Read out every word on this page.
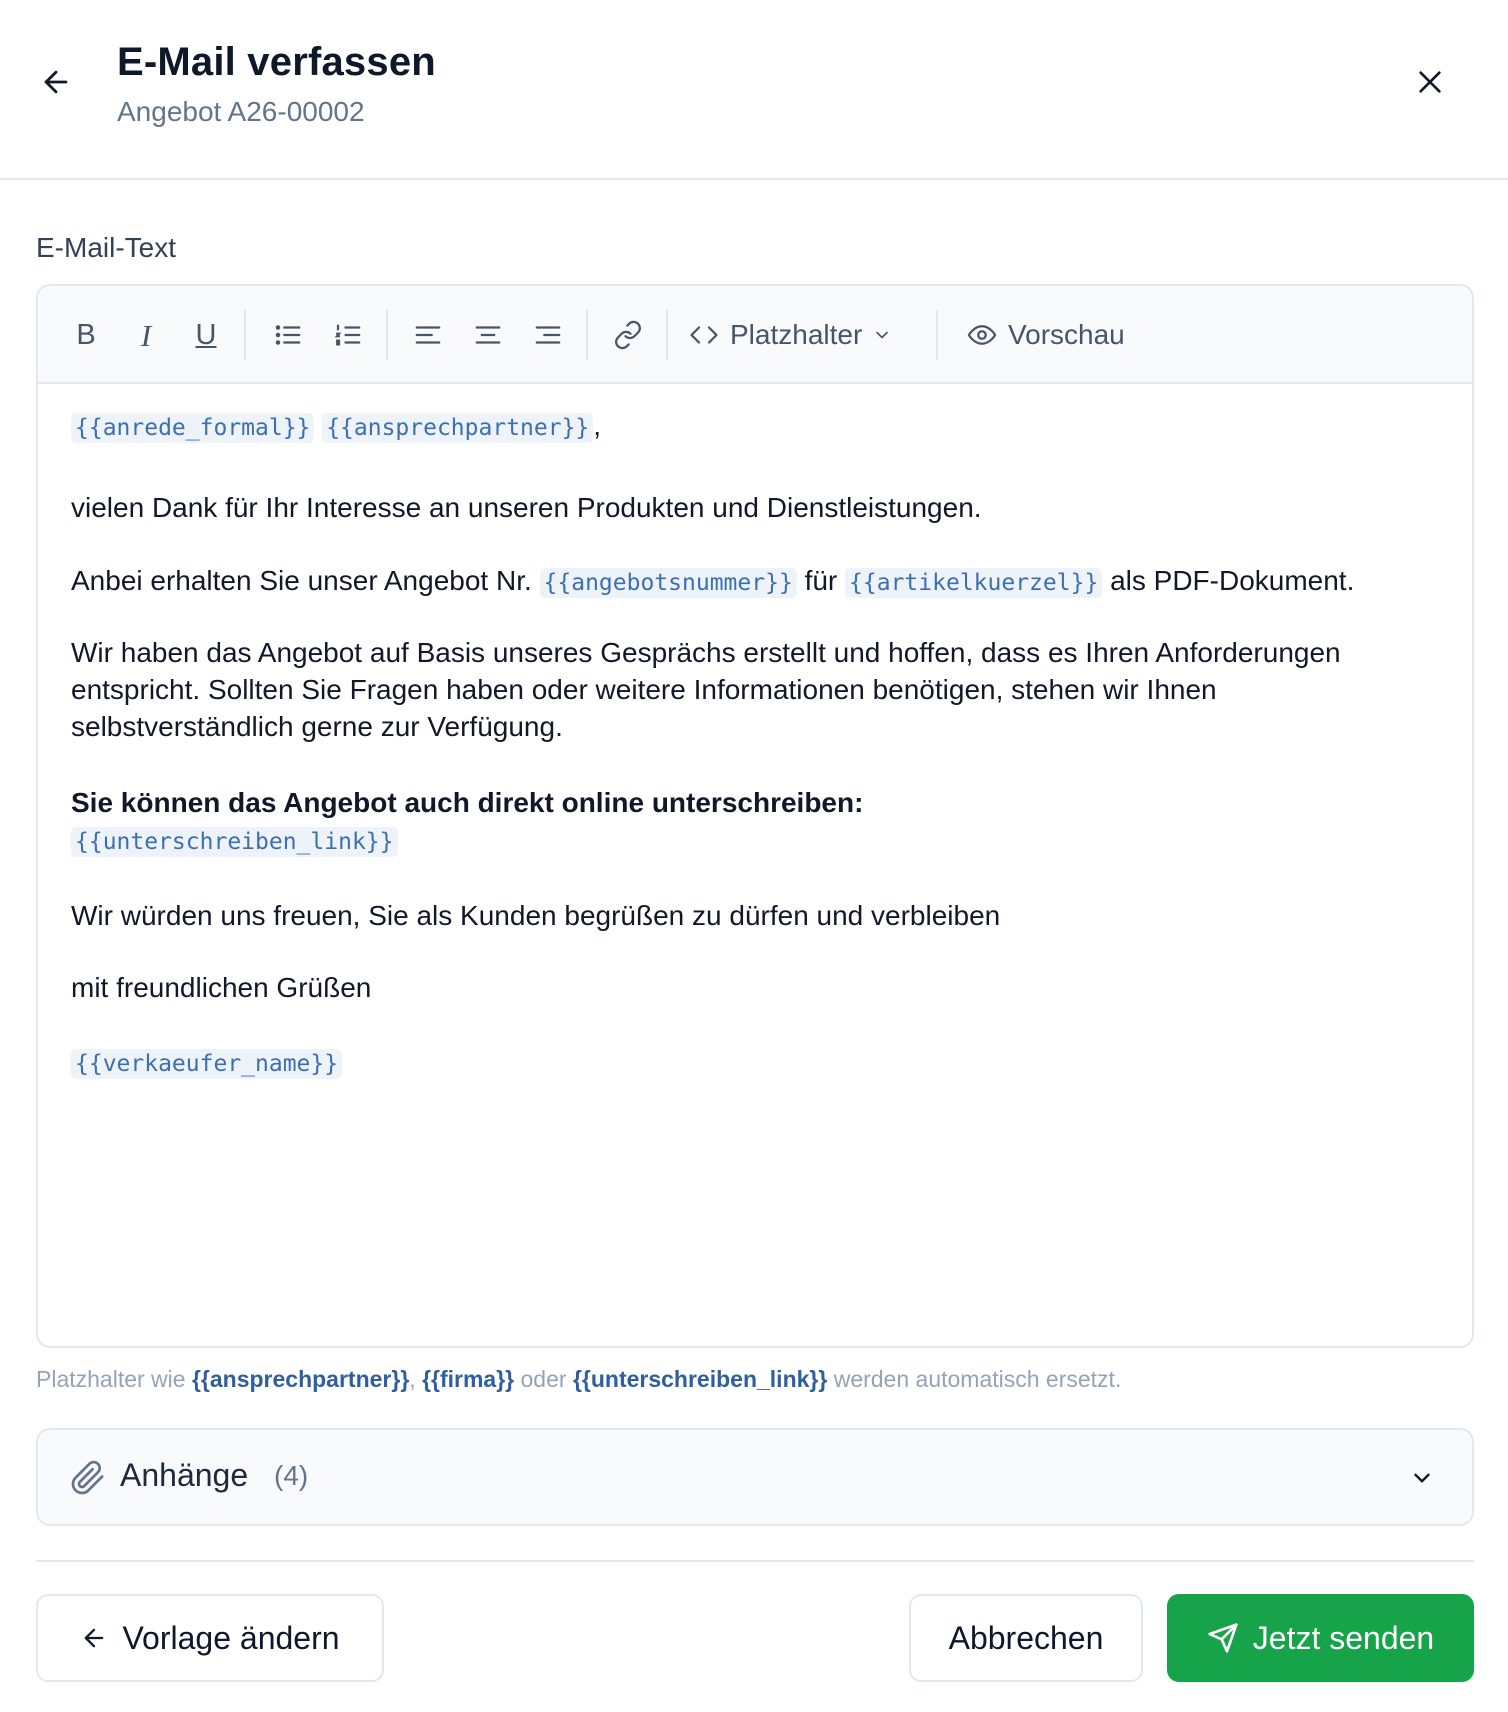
E-Mail verfassen
Angebot A26-00002
E-Mail-Text
B I U	Platzhalter	Vorschau
{{anrede_formal}} {{ansprechpartner}} ,
vielen Dank für Ihr Interesse an unseren Produkten und Dienstleistungen.
Anbei erhalten Sie unser Angebot Nr. {{angebotsnummer}} für {{artikelkuerzel}} als PDF-Dokument.
Wir haben das Angebot auf Basis unseres Gesprächs erstellt und hoffen, dass es Ihren Anforderungen entspricht. Sollten Sie Fragen haben oder weitere Informationen benötigen, stehen wir Ihnen selbstverständlich gerne zur Verfügung.
Sie können das Angebot auch direkt online unterschreiben:
{{unterschreiben_link}}
Wir würden uns freuen, Sie als Kunden begrüßen zu dürfen und verbleiben
mit freundlichen Grüßen
{{verkaeufer_name}}
Platzhalter wie {{ansprechpartner}}, {{firma}} oder {{unterschreiben_link}} werden automatisch ersetzt.
Anhänge (4)
Vorlage ändern	Abbrechen	Jetzt senden
